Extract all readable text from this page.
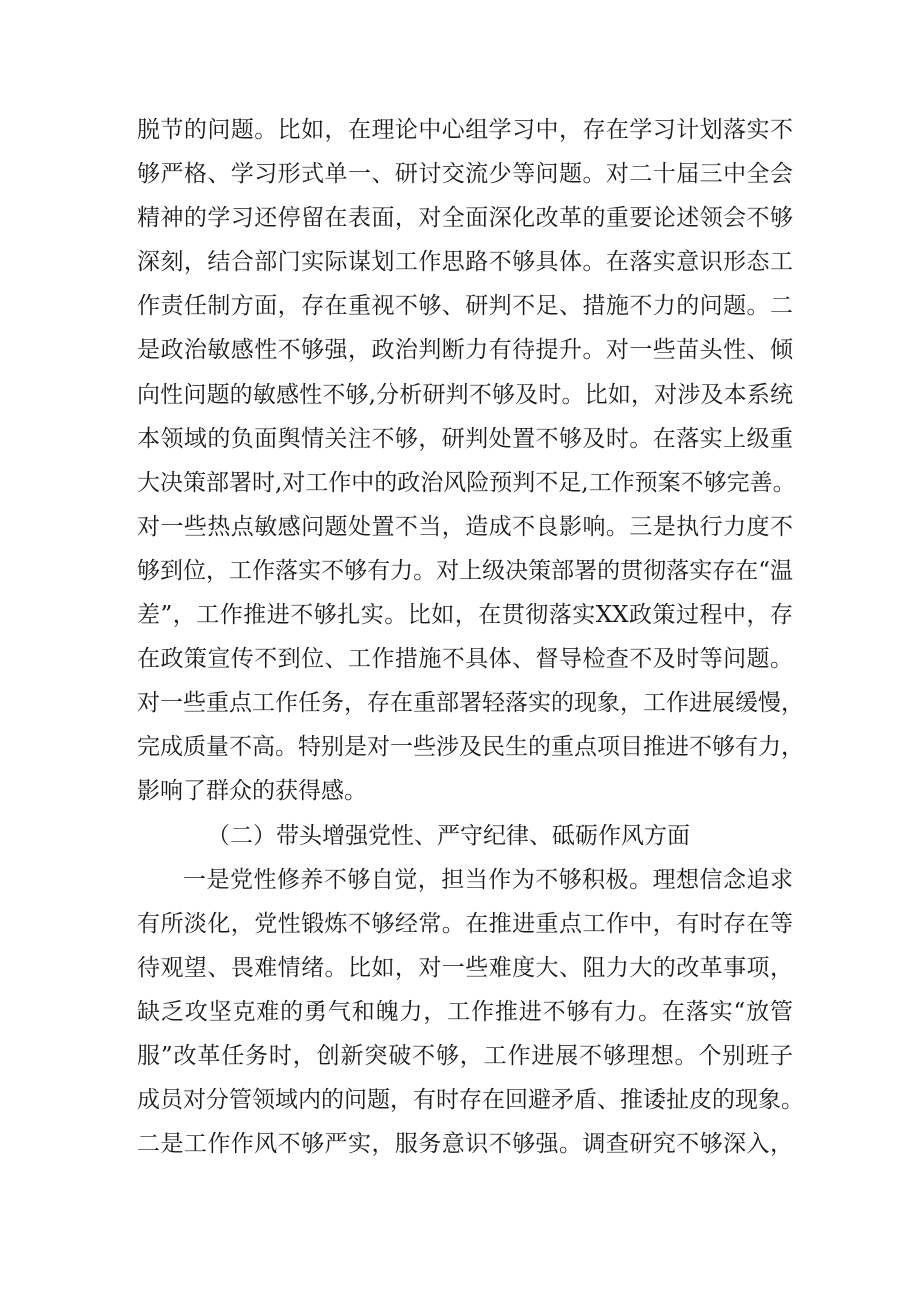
脱节的问题。比如，在理论中心组学习中，存在学习计划落实不
够严格、学习形式单一、研讨交流少等问题。对二十届三中全会
精神的学习还停留在表面，对全面深化改革的重要论述领会不够
深刻，结合部门实际谋划工作思路不够具体。在落实意识形态工
作责任制方面，存在重视不够、研判不足、措施不力的问题。二
是政治敏感性不够强，政治判断力有待提升。对一些苗头性、倾
向性问题的敏感性不够,分析研判不够及时。比如，对涉及本系统
本领域的负面舆情关注不够，研判处置不够及时。在落实上级重
大决策部署时,对工作中的政治风险预判不足,工作预案不够完善。
对一些热点敏感问题处置不当，造成不良影响。三是执行力度不
够到位，工作落实不够有力。对上级决策部署的贯彻落实存在“温
差”，工作推进不够扎实。比如，在贯彻落实XX政策过程中，存
在政策宣传不到位、工作措施不具体、督导检查不及时等问题。
对一些重点工作任务，存在重部署轻落实的现象，工作进展缓慢，
完成质量不高。特别是对一些涉及民生的重点项目推进不够有力，
影响了群众的获得感。
（二）带头增强党性、严守纪律、砥砺作风方面
一是党性修养不够自觉，担当作为不够积极。理想信念追求
有所淡化，党性锻炼不够经常。在推进重点工作中，有时存在等
待观望、畏难情绪。比如，对一些难度大、阻力大的改革事项，
缺乏攻坚克难的勇气和魄力，工作推进不够有力。在落实“放管
服”改革任务时，创新突破不够，工作进展不够理想。个别班子
成员对分管领域内的问题，有时存在回避矛盾、推诿扯皮的现象。
二是工作作风不够严实，服务意识不够强。调查研究不够深入，
